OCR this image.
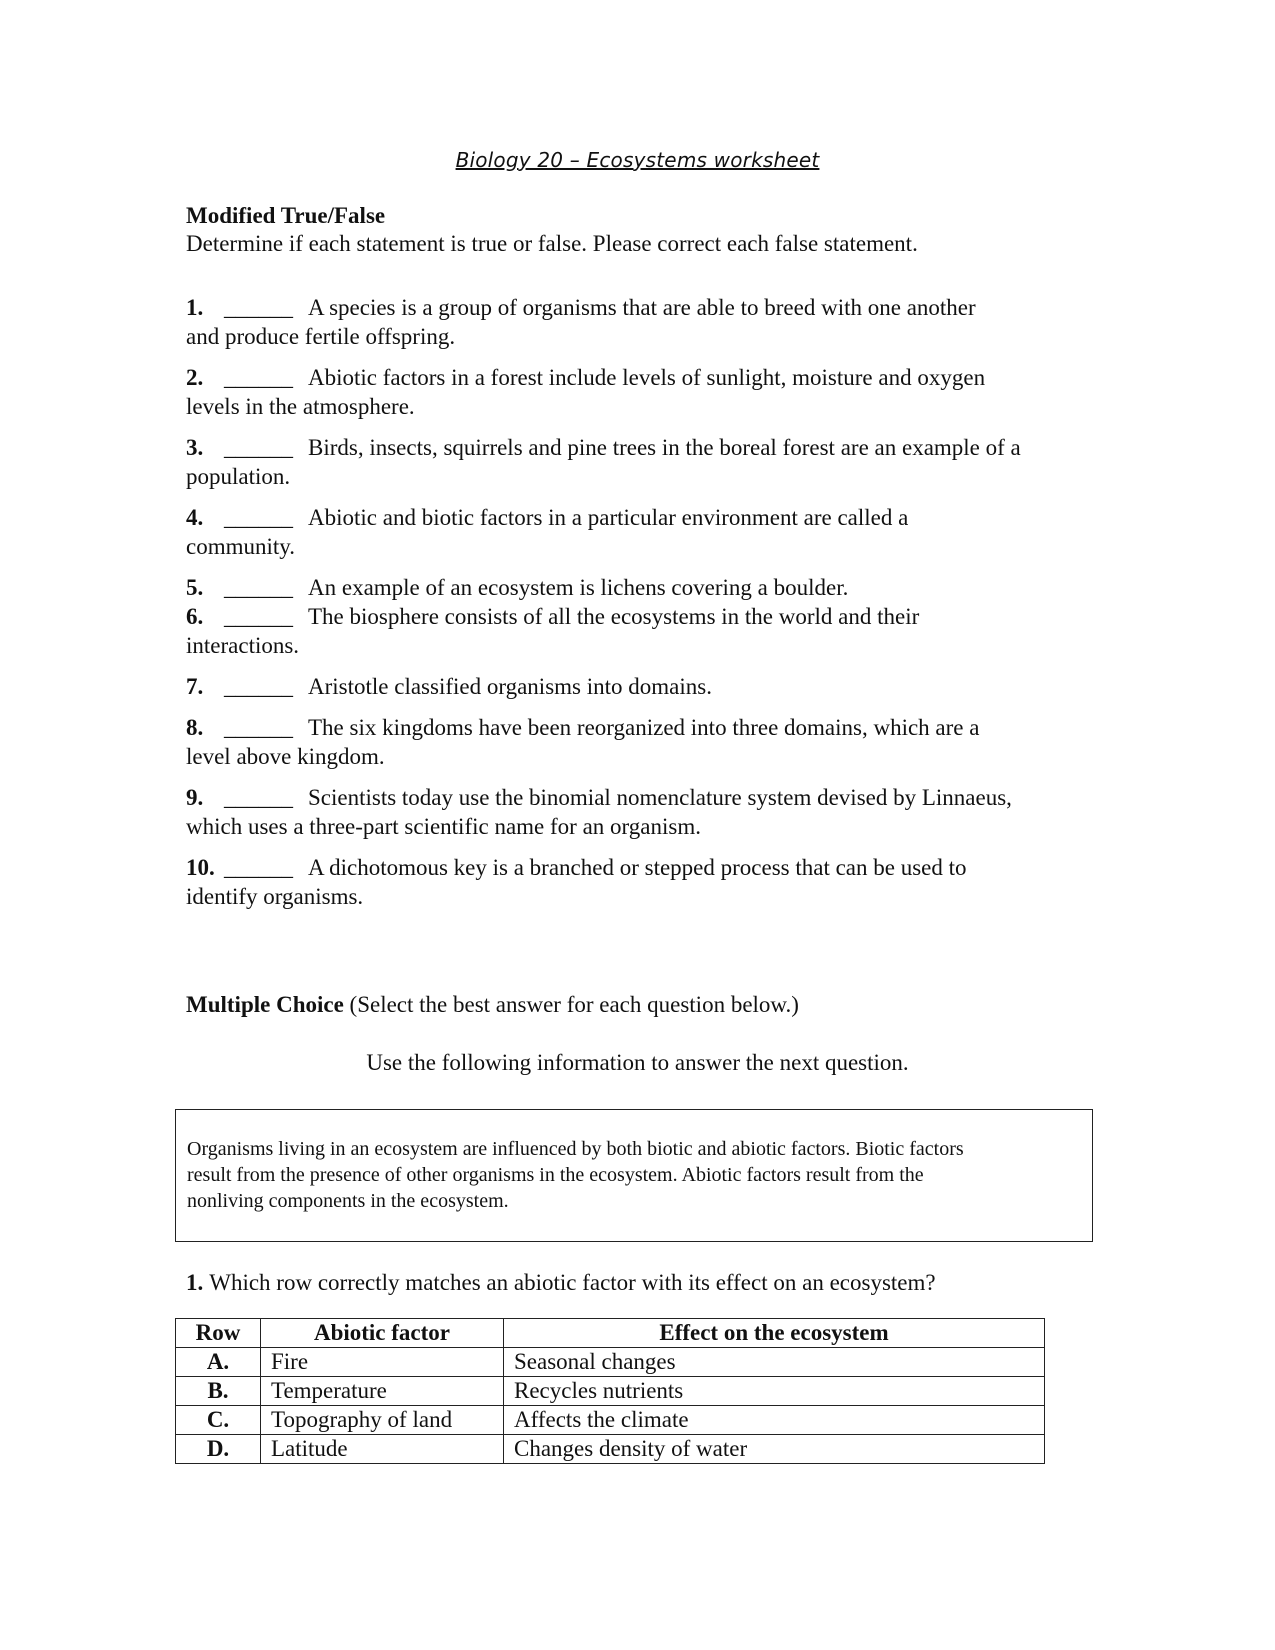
Biology 20 – Ecosystems worksheet
Modified True/False
Determine if each statement is true or false. Please correct each false statement.
1. ______ A species is a group of organisms that are able to breed with one another
and produce fertile offspring.
2. ______ Abiotic factors in a forest include levels of sunlight, moisture and oxygen
levels in the atmosphere.
3. ______ Birds, insects, squirrels and pine trees in the boreal forest are an example of a
population.
4. ______ Abiotic and biotic factors in a particular environment are called a
community.
5. ______ An example of an ecosystem is lichens covering a boulder.
6. ______ The biosphere consists of all the ecosystems in the world and their
interactions.
7. ______ Aristotle classified organisms into domains.
8. ______ The six kingdoms have been reorganized into three domains, which are a
level above kingdom.
9. ______ Scientists today use the binomial nomenclature system devised by Linnaeus,
which uses a three-part scientific name for an organism.
10. ______ A dichotomous key is a branched or stepped process that can be used to
identify organisms.
Multiple Choice (Select the best answer for each question below.)
Use the following information to answer the next question.
Organisms living in an ecosystem are influenced by both biotic and abiotic factors. Biotic factors
result from the presence of other organisms in the ecosystem. Abiotic factors result from the
nonliving components in the ecosystem.
1. Which row correctly matches an abiotic factor with its effect on an ecosystem?
Row	Abiotic factor	Effect on the ecosystem
A.	Fire	Seasonal changes
B.	Temperature	Recycles nutrients
C.	Topography of land	Affects the climate
D.	Latitude	Changes density of water
